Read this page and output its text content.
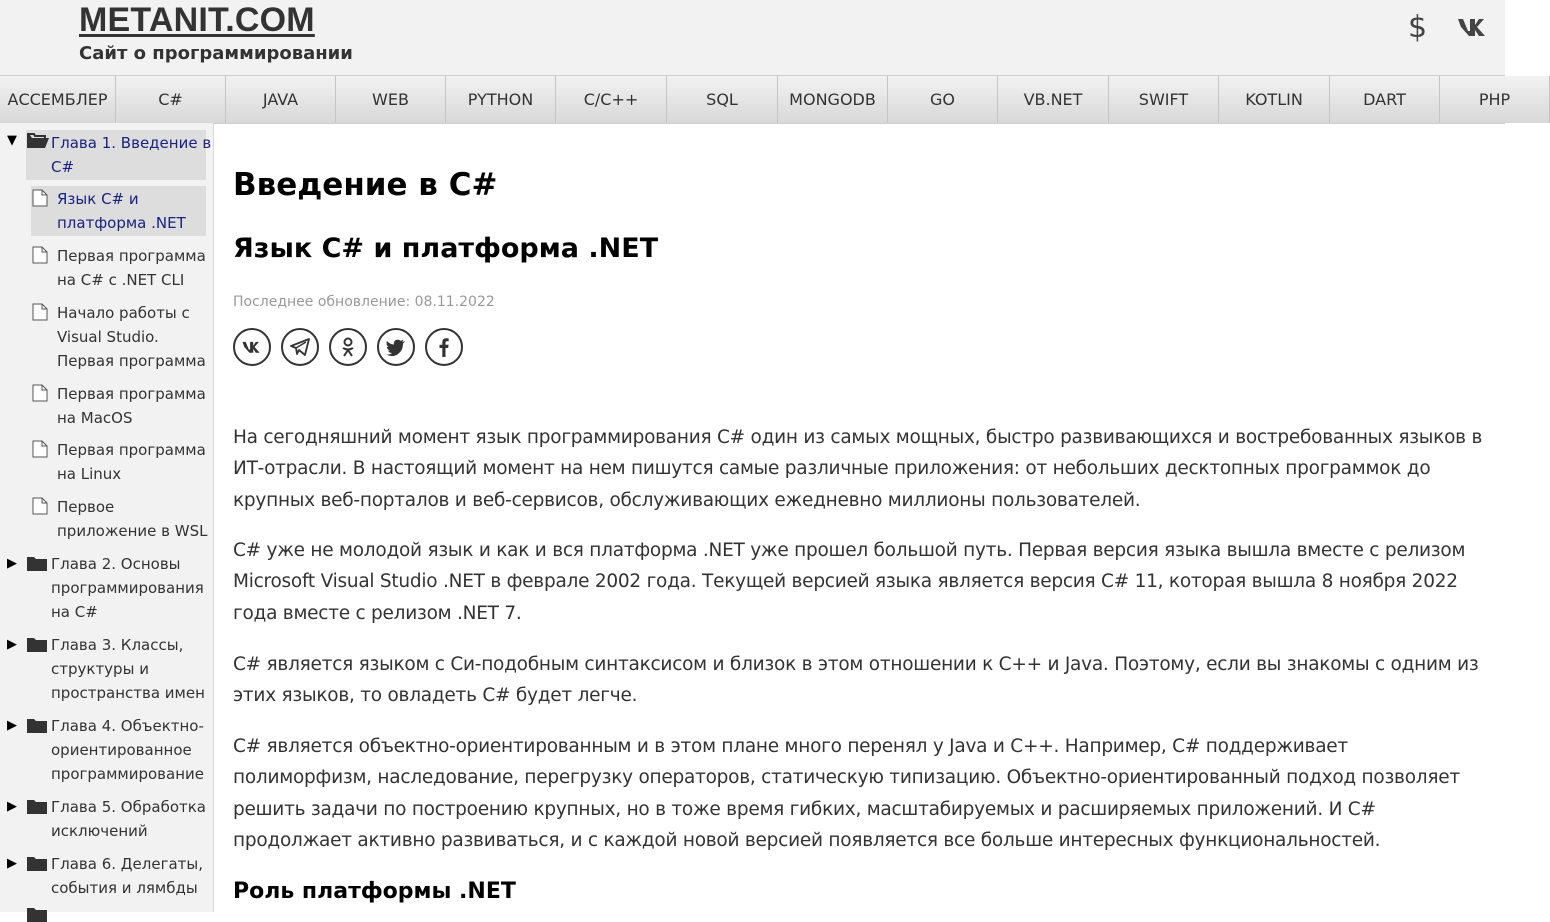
METANIT.COM
Сайт о программировании
$
АССЕМБЛЕР	C#	JAVA	WEB	PYTHON	C/C++	SQL	MONGODB	GO	VB.NET	SWIFT	KOTLIN	DART	PHP
▼ Глава 1. Введение в
C#
Язык C# и
платформа .NET
Первая программа
на C# с .NET CLI
Начало работы с
Visual Studio.
Первая программа
Первая программа
на MacOS
Первая программа
на Linux
Первое
приложение в WSL
▶ Глава 2. Основы
программирования
на C#
▶ Глава 3. Классы,
структуры и
пространства имен
▶ Глава 4. Объектно-
ориентированное
программирование
▶ Глава 5. Обработка
исключений
▶ Глава 6. Делегаты,
события и лямбды
Введение в C#
Язык C# и платформа .NET
Последнее обновление: 08.11.2022
На сегодняшний момент язык программирования C# один из самых мощных, быстро развивающихся и востребованных языков в ИТ-отрасли. В настоящий момент на нем пишутся самые различные приложения: от небольших десктопных программок до крупных веб-порталов и веб-сервисов, обслуживающих ежедневно миллионы пользователей.
C# уже не молодой язык и как и вся платформа .NET уже прошел большой путь. Первая версия языка вышла вместе с релизом Microsoft Visual Studio .NET в феврале 2002 года. Текущей версией языка является версия C# 11, которая вышла 8 ноября 2022 года вместе с релизом .NET 7.
C# является языком с Си-подобным синтаксисом и близок в этом отношении к C++ и Java. Поэтому, если вы знакомы с одним из этих языков, то овладеть C# будет легче.
C# является объектно-ориентированным и в этом плане много перенял у Java и C++. Например, C# поддерживает полиморфизм, наследование, перегрузку операторов, статическую типизацию. Объектно-ориентированный подход позволяет решить задачи по построению крупных, но в тоже время гибких, масштабируемых и расширяемых приложений. И C# продолжает активно развиваться, и с каждой новой версией появляется все больше интересных функциональностей.
Роль платформы .NET
